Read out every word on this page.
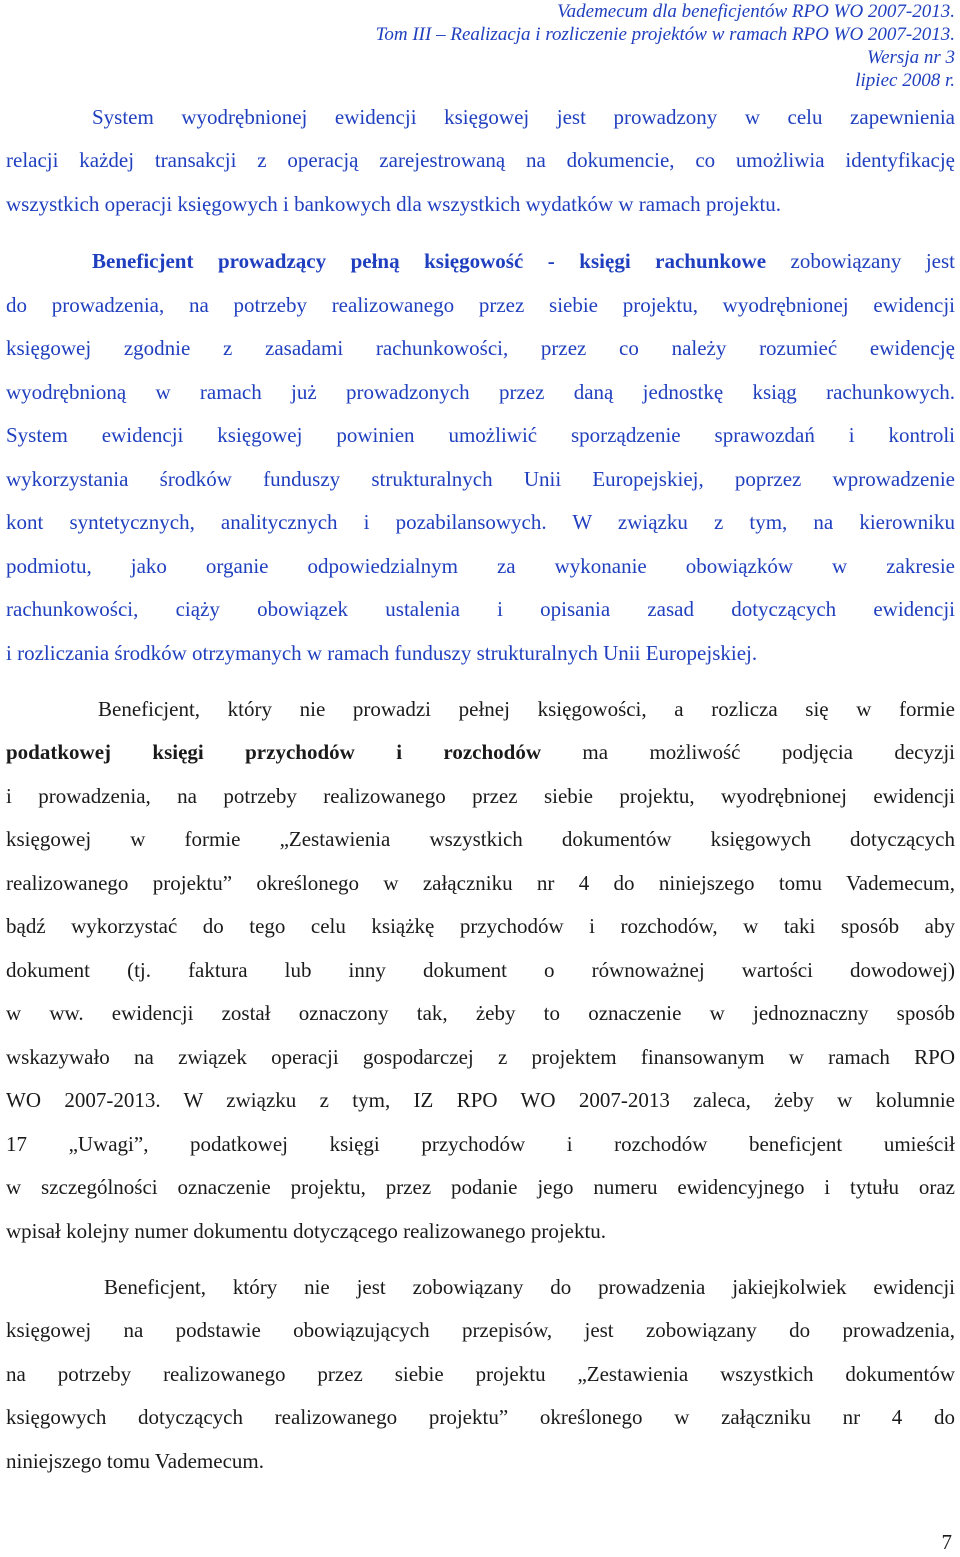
Vademecum dla beneficjentów RPO WO 2007-2013.
Tom III – Realizacja i rozliczenie projektów w ramach RPO WO 2007-2013.
Wersja nr 3
lipiec 2008 r.
System wyodrębnionej ewidencji księgowej jest prowadzony w celu zapewnienia
relacji każdej transakcji z operacją zarejestrowaną na dokumencie, co umożliwia identyfikację
wszystkich operacji księgowych i bankowych dla wszystkich wydatków w ramach projektu.
Beneficjent prowadzący pełną księgowość - księgi rachunkowe zobowiązany jest
do prowadzenia, na potrzeby realizowanego przez siebie projektu, wyodrębnionej ewidencji
księgowej zgodnie z zasadami rachunkowości, przez co należy rozumieć ewidencję
wyodrębnioną w ramach już prowadzonych przez daną jednostkę ksiąg rachunkowych.
System ewidencji księgowej powinien umożliwić sporządzenie sprawozdań i kontroli
wykorzystania środków funduszy strukturalnych Unii Europejskiej, poprzez wprowadzenie
kont syntetycznych, analitycznych i pozabilansowych. W związku z tym, na kierowniku
podmiotu, jako organie odpowiedzialnym za wykonanie obowiązków w zakresie
rachunkowości, ciąży obowiązek ustalenia i opisania zasad dotyczących ewidencji
i rozliczania środków otrzymanych w ramach funduszy strukturalnych Unii Europejskiej.
Beneficjent, który nie prowadzi pełnej księgowości, a rozlicza się w formie
podatkowej księgi przychodów i rozchodów ma możliwość podjęcia decyzji
i prowadzenia, na potrzeby realizowanego przez siebie projektu, wyodrębnionej ewidencji
księgowej w formie „Zestawienia wszystkich dokumentów księgowych dotyczących
realizowanego projektu” określonego w załączniku nr 4 do niniejszego tomu Vademecum,
bądź wykorzystać do tego celu książkę przychodów i rozchodów, w taki sposób aby
dokument (tj. faktura lub inny dokument o równoważnej wartości dowodowej)
w ww. ewidencji został oznaczony tak, żeby to oznaczenie w jednoznaczny sposób
wskazywało na związek operacji gospodarczej z projektem finansowanym w ramach RPO
WO 2007-2013. W związku z tym, IZ RPO WO 2007-2013 zaleca, żeby w kolumnie
17 „Uwagi”, podatkowej księgi przychodów i rozchodów beneficjent umieścił
w szczególności oznaczenie projektu, przez podanie jego numeru ewidencyjnego i tytułu oraz
wpisał kolejny numer dokumentu dotyczącego realizowanego projektu.
Beneficjent, który nie jest zobowiązany do prowadzenia jakiejkolwiek ewidencji
księgowej na podstawie obowiązujących przepisów, jest zobowiązany do prowadzenia,
na potrzeby realizowanego przez siebie projektu „Zestawienia wszystkich dokumentów
księgowych dotyczących realizowanego projektu” określonego w załączniku nr 4 do
niniejszego tomu Vademecum.
7
